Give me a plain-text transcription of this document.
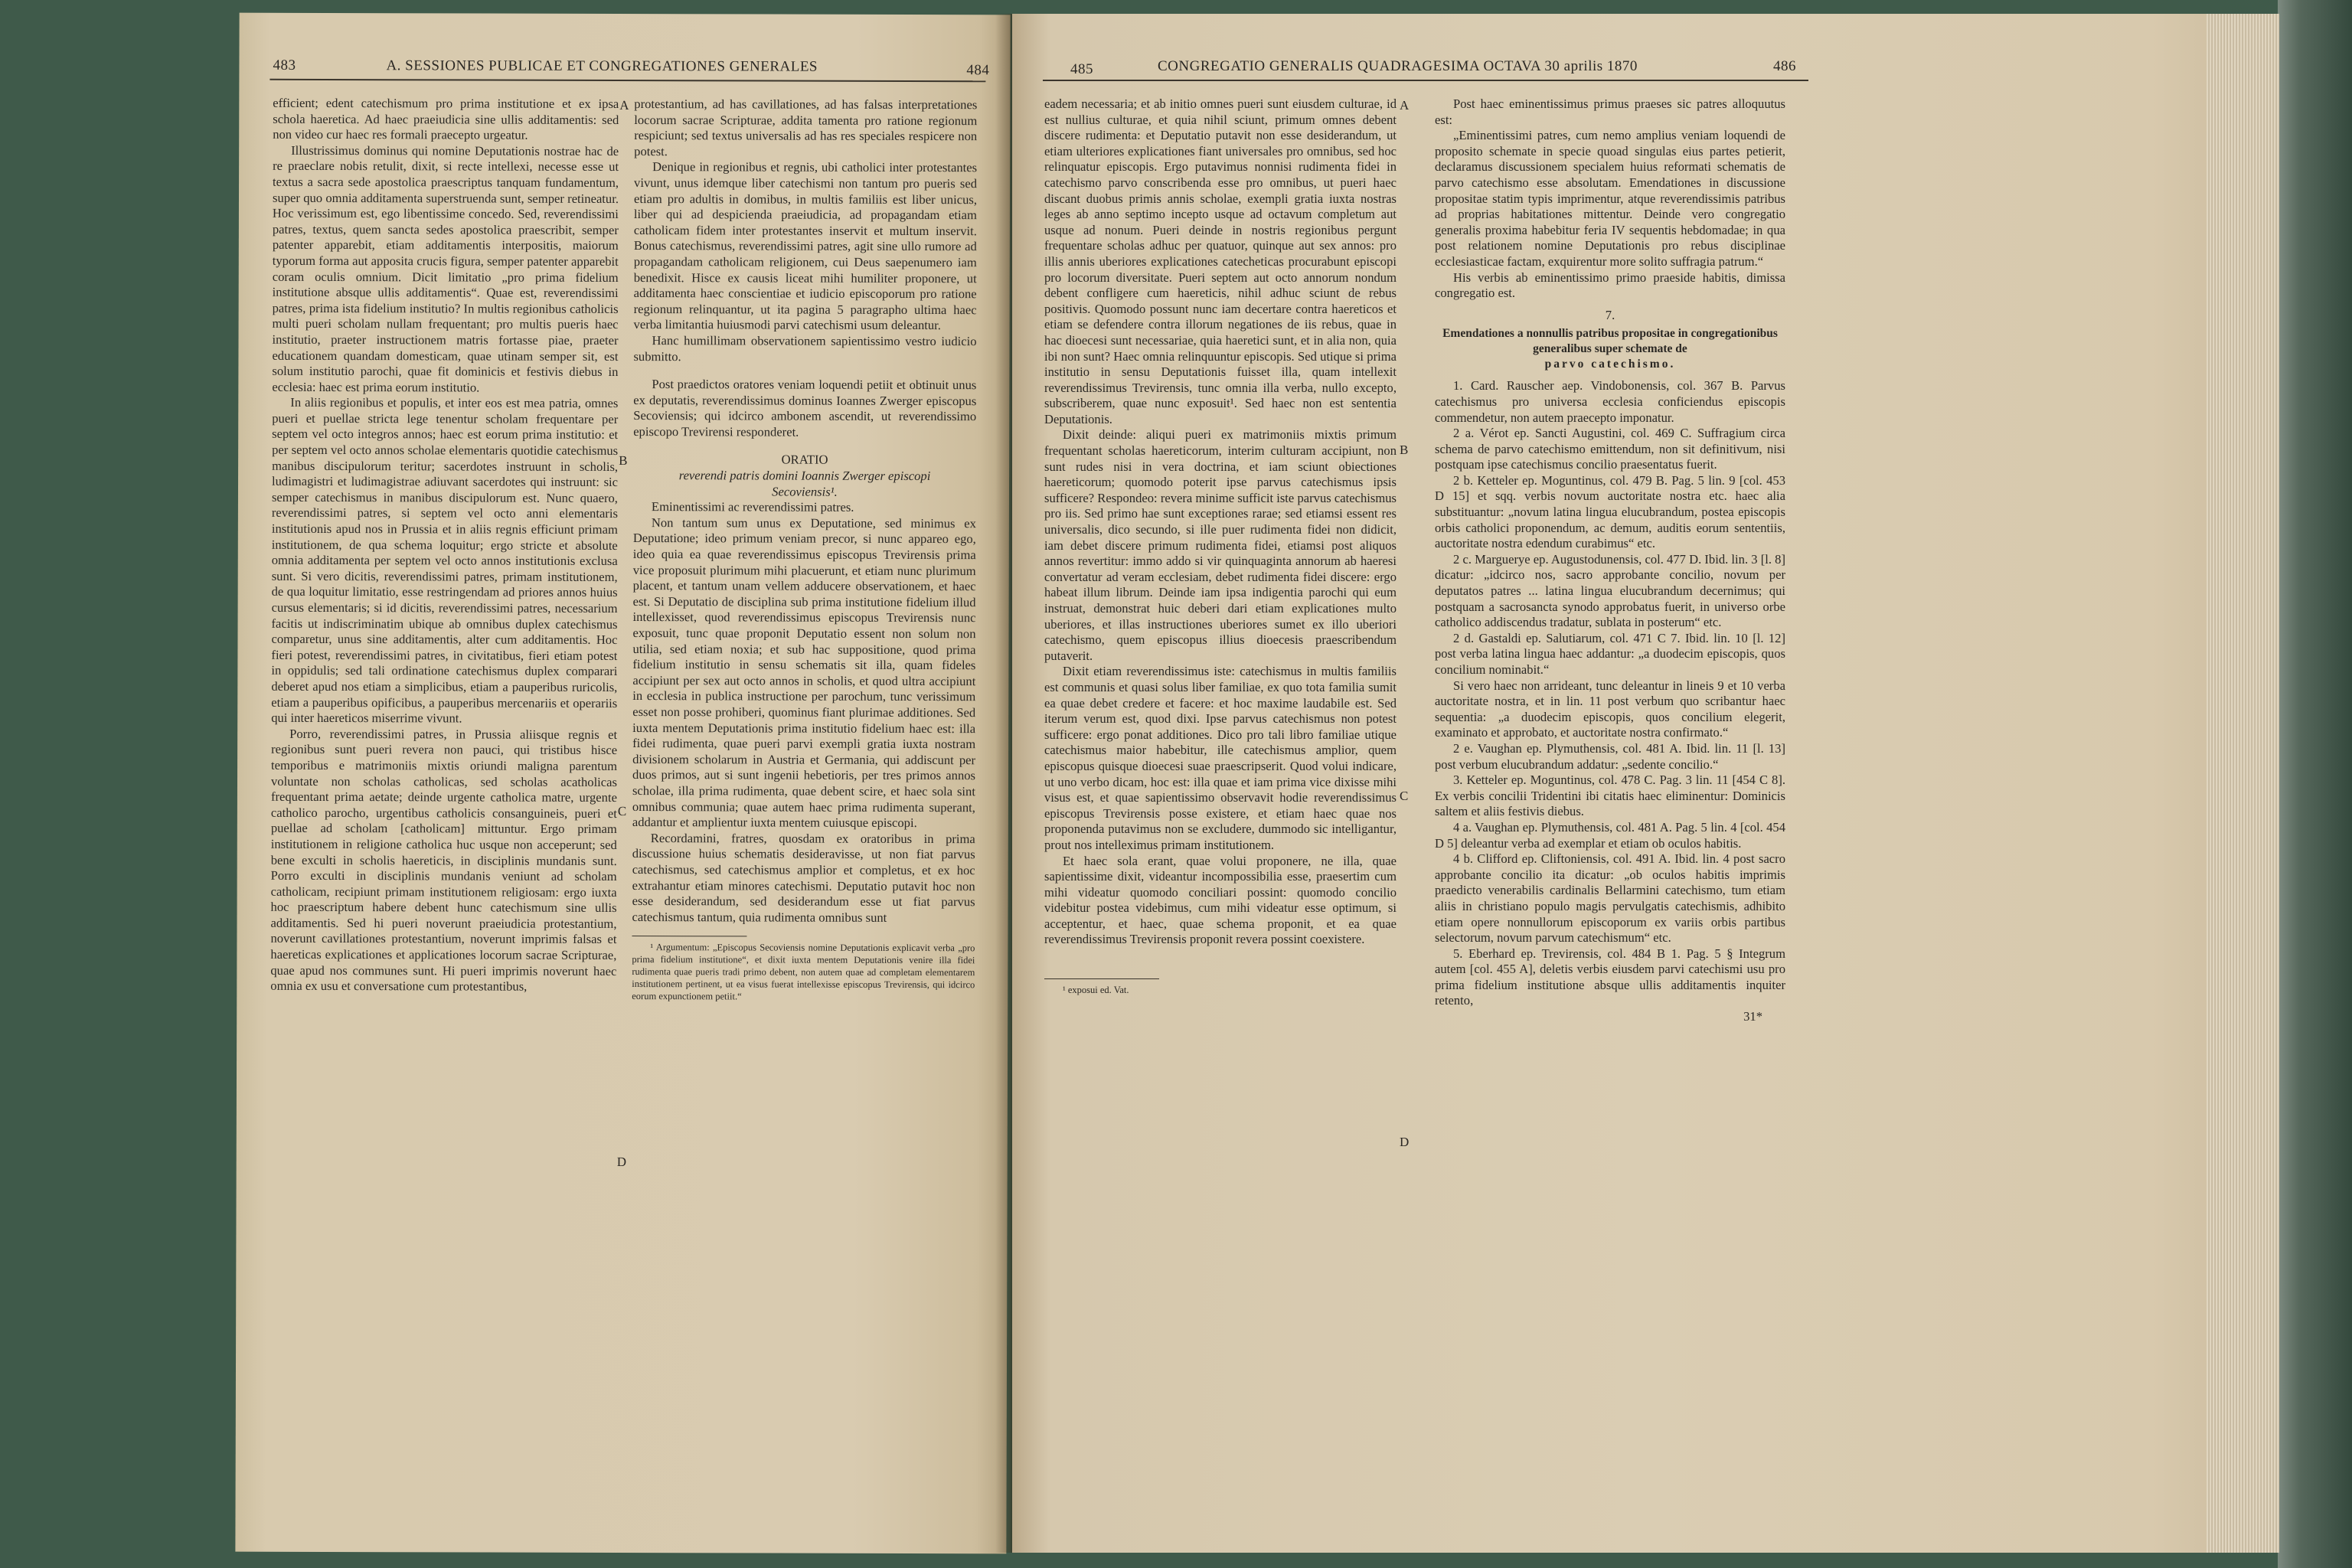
483	A. SESSIONES PUBLICAE ET CONGREGATIONES GENERALES	484

efficient; edent catechismum pro prima institutione et ex ipsa schola haeretica. Ad haec praeiudicia sine ullis additamentis: sed non video cur haec res formali praecepto urgeatur.

Illustrissimus dominus qui nomine Deputationis nostrae hac de re praeclare nobis retulit, dixit, si recte intellexi, necesse esse ut textus a sacra sede apostolica praescriptus tanquam fundamentum, super quo omnia additamenta superstruenda sunt, semper retineatur. Hoc verissimum est, ego libentissime concedo. Sed, reverendissimi patres, textus, quem sancta sedes apostolica praescribit, semper patenter apparebit, etiam additamentis interpositis, maiorum typorum forma aut apposita crucis figura, semper patenter apparebit coram oculis omnium. Dicit limitatio „pro prima fidelium institutione absque ullis additamentis“. Quae est, reverendissimi patres, prima ista fidelium institutio? In multis regionibus catholicis multi pueri scholam nullam frequentant; pro multis pueris haec institutio, praeter instructionem matris fortasse piae, praeter educationem quandam domesticam, quae utinam semper sit, est solum institutio parochi, quae fit dominicis et festivis diebus in ecclesia: haec est prima eorum institutio.

In aliis regionibus et populis, et inter eos est mea patria, omnes pueri et puellae stricta lege tenentur scholam frequentare per septem vel octo integros annos; haec est eorum prima institutio: et per septem vel octo annos scholae elementaris quotidie catechismus manibus discipulorum teritur; sacerdotes instruunt in scholis, ludimagistri et ludimagistrae adiuvant sacerdotes qui instruunt: sic semper catechismus in manibus discipulorum est. Nunc quaero, reverendissimi patres, si septem vel octo anni elementaris institutionis apud nos in Prussia et in aliis regnis efficiunt primam institutionem, de qua schema loquitur; ergo stricte et absolute omnia additamenta per septem vel octo annos institutionis exclusa sunt. Si vero dicitis, reverendissimi patres, primam institutionem, de qua loquitur limitatio, esse restringendam ad priores annos huius cursus elementaris; si id dicitis, reverendissimi patres, necessarium facitis ut indiscriminatim ubique ab omnibus duplex catechismus comparetur, unus sine additamentis, alter cum additamentis. Hoc fieri potest, reverendissimi patres, in civitatibus, fieri etiam potest in oppidulis; sed tali ordinatione catechismus duplex comparari deberet apud nos etiam a simplicibus, etiam a pauperibus ruricolis, etiam a pauperibus opificibus, a pauperibus mercenariis et operariis qui inter haereticos miserrime vivunt.

Porro, reverendissimi patres, in Prussia aliisque regnis et regionibus sunt pueri revera non pauci, qui tristibus hisce temporibus e matrimoniis mixtis oriundi maligna parentum voluntate non scholas catholicas, sed scholas acatholicas frequentant prima aetate; deinde urgente catholica matre, urgente catholico parocho, urgentibus catholicis consanguineis, pueri et puellae ad scholam [catholicam] mittuntur. Ergo primam institutionem in religione catholica huc usque non acceperunt; sed bene exculti in scholis haereticis, in disciplinis mundanis sunt. Porro exculti in disciplinis mundanis veniunt ad scholam catholicam, recipiunt primam institutionem religiosam: ergo iuxta hoc praescriptum habere debent hunc catechismum sine ullis additamentis. Sed hi pueri noverunt praeiudicia protestantium, noverunt cavillationes protestantium, noverunt imprimis falsas et haereticas explicationes et applicationes locorum sacrae Scripturae, quae apud nos communes sunt. Hi pueri imprimis noverunt haec omnia ex usu et conversatione cum protestantibus,

A
B
C
D

protestantium, ad has cavillationes, ad has falsas interpretationes locorum sacrae Scripturae, addita tamenta pro ratione regionum respiciunt; sed textus universalis ad has res speciales respicere non potest.

Denique in regionibus et regnis, ubi catholici inter protestantes vivunt, unus idemque liber catechismi non tantum pro pueris sed etiam pro adultis in domibus, in multis familiis est liber unicus, liber qui ad despicienda praeiudicia, ad propagandam etiam catholicam fidem inter protestantes inservit et multum inservit. Bonus catechismus, reverendissimi patres, agit sine ullo rumore ad propagandam catholicam religionem, cui Deus saepenumero iam benedixit. Hisce ex causis liceat mihi humiliter proponere, ut additamenta haec conscientiae et iudicio episcoporum pro ratione regionum relinquantur, ut ita pagina 5 paragrapho ultima haec verba limitantia huiusmodi parvi catechismi usum deleantur.

Hanc humillimam observationem sapientissimo vestro iudicio submitto.

Post praedictos oratores veniam loquendi petiit et obtinuit unus ex deputatis, reverendissimus dominus Ioannes Zwerger episcopus Secoviensis; qui idcirco ambonem ascendit, ut reverendissimo episcopo Trevirensi responderet.

ORATIO

reverendi patris domini Ioannis Zwerger episcopi Secoviensis¹.

Eminentissimi ac reverendissimi patres.

Non tantum sum unus ex Deputatione, sed minimus ex Deputatione; ideo primum veniam precor, si nunc appareo ego, ideo quia ea quae reverendissimus episcopus Trevirensis prima vice proposuit plurimum mihi placuerunt, et etiam nunc plurimum placent, et tantum unam vellem adducere observationem, et haec est. Si Deputatio de disciplina sub prima institutione fidelium illud intellexisset, quod reverendissimus episcopus Trevirensis nunc exposuit, tunc quae proponit Deputatio essent non solum non utilia, sed etiam noxia; et sub hac suppositione, quod prima fidelium institutio in sensu schematis sit illa, quam fideles accipiunt per sex aut octo annos in scholis, et quod ultra accipiunt in ecclesia in publica instructione per parochum, tunc verissimum esset non posse prohiberi, quominus fiant plurimae additiones. Sed iuxta mentem Deputationis prima institutio fidelium haec est: illa fidei rudimenta, quae pueri parvi exempli gratia iuxta nostram divisionem scholarum in Austria et Germania, qui addiscunt per duos primos, aut si sunt ingenii hebetioris, per tres primos annos scholae, illa prima rudimenta, quae debent scire, et haec sola sint omnibus communia; quae autem haec prima rudimenta superant, addantur et amplientur iuxta mentem cuiusque episcopi.

Recordamini, fratres, quosdam ex oratoribus in prima discussione huius schematis desideravisse, ut non fiat parvus catechismus, sed catechismus amplior et completus, et ex hoc extrahantur etiam minores catechismi. Deputatio putavit hoc non esse desiderandum, sed desiderandum esse ut fiat parvus catechismus tantum, quia rudimenta omnibus sunt

¹ Argumentum: „Episcopus Secoviensis nomine Deputationis explicavit verba „pro prima fidelium institutione“, et dixit iuxta mentem Deputationis venire illa fidei rudimenta quae pueris tradi primo debent, non autem quae ad completam elementarem institutionem pertinent, ut ea visus fuerat intellexisse episcopus Trevirensis, qui idcirco eorum expunctionem petiit.“

485	CONGREGATIO GENERALIS QUADRAGESIMA OCTAVA 30 aprilis 1870	486

eadem necessaria; et ab initio omnes pueri sunt eiusdem culturae, id est nullius culturae, et quia nihil sciunt, primum omnes debent discere rudimenta: et Deputatio putavit non esse desiderandum, ut etiam ulteriores explicationes fiant universales pro omnibus, sed hoc relinquatur episcopis. Ergo putavimus nonnisi rudimenta fidei in catechismo parvo conscribenda esse pro omnibus, ut pueri haec discant duobus primis annis scholae, exempli gratia iuxta nostras leges ab anno septimo incepto usque ad octavum completum aut usque ad nonum. Pueri deinde in nostris regionibus pergunt frequentare scholas adhuc per quatuor, quinque aut sex annos: pro illis annis uberiores explicationes catecheticas procurabunt episcopi pro locorum diversitate. Pueri septem aut octo annorum nondum debent confligere cum haereticis, nihil adhuc sciunt de rebus positivis. Quomodo possunt nunc iam decertare contra haereticos et etiam se defendere contra illorum negationes de iis rebus, quae in hac dioecesi sunt necessariae, quia haeretici sunt, et in alia non, quia ibi non sunt? Haec omnia relinquuntur episcopis. Sed utique si prima institutio in sensu Deputationis fuisset illa, quam intellexit reverendissimus Trevirensis, tunc omnia illa verba, nullo excepto, subscriberem, quae nunc exposuit¹. Sed haec non est sententia Deputationis.

Dixit deinde: aliqui pueri ex matrimoniis mixtis primum frequentant scholas haereticorum, interim culturam accipiunt, non sunt rudes nisi in vera doctrina, et iam sciunt obiectiones haereticorum; quomodo poterit ipse parvus catechismus ipsis sufficere? Respondeo: revera minime sufficit iste parvus catechismus pro iis. Sed primo hae sunt exceptiones rarae; sed etiamsi essent res universalis, dico secundo, si ille puer rudimenta fidei non didicit, iam debet discere primum rudimenta fidei, etiamsi post aliquos annos revertitur: immo addo si vir quinquaginta annorum ab haeresi convertatur ad veram ecclesiam, debet rudimenta fidei discere: ergo habeat illum librum. Deinde iam ipsa indigentia parochi qui eum instruat, demonstrat huic deberi dari etiam explicationes multo uberiores, et illas instructiones uberiores sumet ex illo uberiori catechismo, quem episcopus illius dioecesis praescribendum putaverit.

Dixit etiam reverendissimus iste: catechismus in multis familiis est communis et quasi solus liber familiae, ex quo tota familia sumit ea quae debet credere et facere: et hoc maxime laudabile est. Sed iterum verum est, quod dixi. Ipse parvus catechismus non potest sufficere: ergo ponat additiones. Dico pro tali libro familiae utique catechismus maior habebitur, ille catechismus amplior, quem episcopus quisque dioecesi suae praescripserit. Quod volui indicare, ut uno verbo dicam, hoc est: illa quae et iam prima vice dixisse mihi visus est, et quae sapientissimo observavit hodie reverendissimus episcopus Trevirensis posse existere, et etiam haec quae nos proponenda putavimus non se excludere, dummodo sic intelligantur, prout nos intelleximus primam institutionem.

Et haec sola erant, quae volui proponere, ne illa, quae sapientissime dixit, videantur incompossibilia esse, praesertim cum mihi videatur quomodo conciliari possint: quomodo concilio videbitur postea videbimus, cum mihi videatur esse optimum, si acceptentur, et haec, quae schema proponit, et ea quae reverendissimus Trevirensis proponit revera possint coexistere.

¹ exposui ed. Vat.

A
B
C
D

Post haec eminentissimus primus praeses sic patres alloquutus est:

„Eminentissimi patres, cum nemo amplius veniam loquendi de proposito schemate in specie quoad singulas eius partes petierit, declaramus discussionem specialem huius reformati schematis de parvo catechismo esse absolutam. Emendationes in discussione propositae statim typis imprimentur, atque reverendissimis patribus ad proprias habitationes mittentur. Deinde vero congregatio generalis proxima habebitur feria IV sequentis hebdomadae; in qua post relationem nomine Deputationis pro rebus disciplinae ecclesiasticae factam, exquirentur more solito suffragia patrum.“

His verbis ab eminentissimo primo praeside habitis, dimissa congregatio est.

7.

Emendationes a nonnullis patribus propositae in congregationibus generalibus super schemate de

parvo catechismo.

1. Card. Rauscher aep. Vindobonensis, col. 367 B. Parvus catechismus pro universa ecclesia conficiendus episcopis commendetur, non autem praecepto imponatur.

2 a. Vérot ep. Sancti Augustini, col. 469 C. Suffragium circa schema de parvo catechismo emittendum, non sit definitivum, nisi postquam ipse catechismus concilio praesentatus fuerit.

2 b. Ketteler ep. Moguntinus, col. 479 B. Pag. 5 lin. 9 [col. 453 D 15] et sqq. verbis novum auctoritate nostra etc. haec alia substituantur: „novum latina lingua elucubrandum, postea episcopis orbis catholici proponendum, ac demum, auditis eorum sententiis, auctoritate nostra edendum curabimus“ etc.

2 c. Marguerye ep. Augustodunensis, col. 477 D. Ibid. lin. 3 [l. 8] dicatur: „idcirco nos, sacro approbante concilio, novum per deputatos patres ... latina lingua elucubrandum decernimus; qui postquam a sacrosancta synodo approbatus fuerit, in universo orbe catholico addiscendus tradatur, sublata in posterum“ etc.

2 d. Gastaldi ep. Salutiarum, col. 471 C 7. Ibid. lin. 10 [l. 12] post verba latina lingua haec addantur: „a duodecim episcopis, quos concilium nominabit.“

Si vero haec non arrideant, tunc deleantur in lineis 9 et 10 verba auctoritate nostra, et in lin. 11 post verbum quo scribantur haec sequentia: „a duodecim episcopis, quos concilium elegerit, examinato et approbato, et auctoritate nostra confirmato.“

2 e. Vaughan ep. Plymuthensis, col. 481 A. Ibid. lin. 11 [l. 13] post verbum elucubrandum addatur: „sedente concilio.“

3. Ketteler ep. Moguntinus, col. 478 C. Pag. 3 lin. 11 [454 C 8]. Ex verbis concilii Tridentini ibi citatis haec eliminentur: Dominicis saltem et aliis festivis diebus.

4 a. Vaughan ep. Plymuthensis, col. 481 A. Pag. 5 lin. 4 [col. 454 D 5] deleantur verba ad exemplar et etiam ob oculos habitis.

4 b. Clifford ep. Cliftoniensis, col. 491 A. Ibid. lin. 4 post sacro approbante concilio ita dicatur: „ob oculos habitis imprimis praedicto venerabilis cardinalis Bellarmini catechismo, tum etiam aliis in christiano populo magis pervulgatis catechismis, adhibito etiam opere nonnullorum episcoporum ex variis orbis partibus selectorum, novum parvum catechismum“ etc.

5. Eberhard ep. Trevirensis, col. 484 B 1. Pag. 5 § Integrum autem [col. 455 A], deletis verbis eiusdem parvi catechismi usu pro prima fidelium institutione absque ullis additamentis inquiter retento,

31*
